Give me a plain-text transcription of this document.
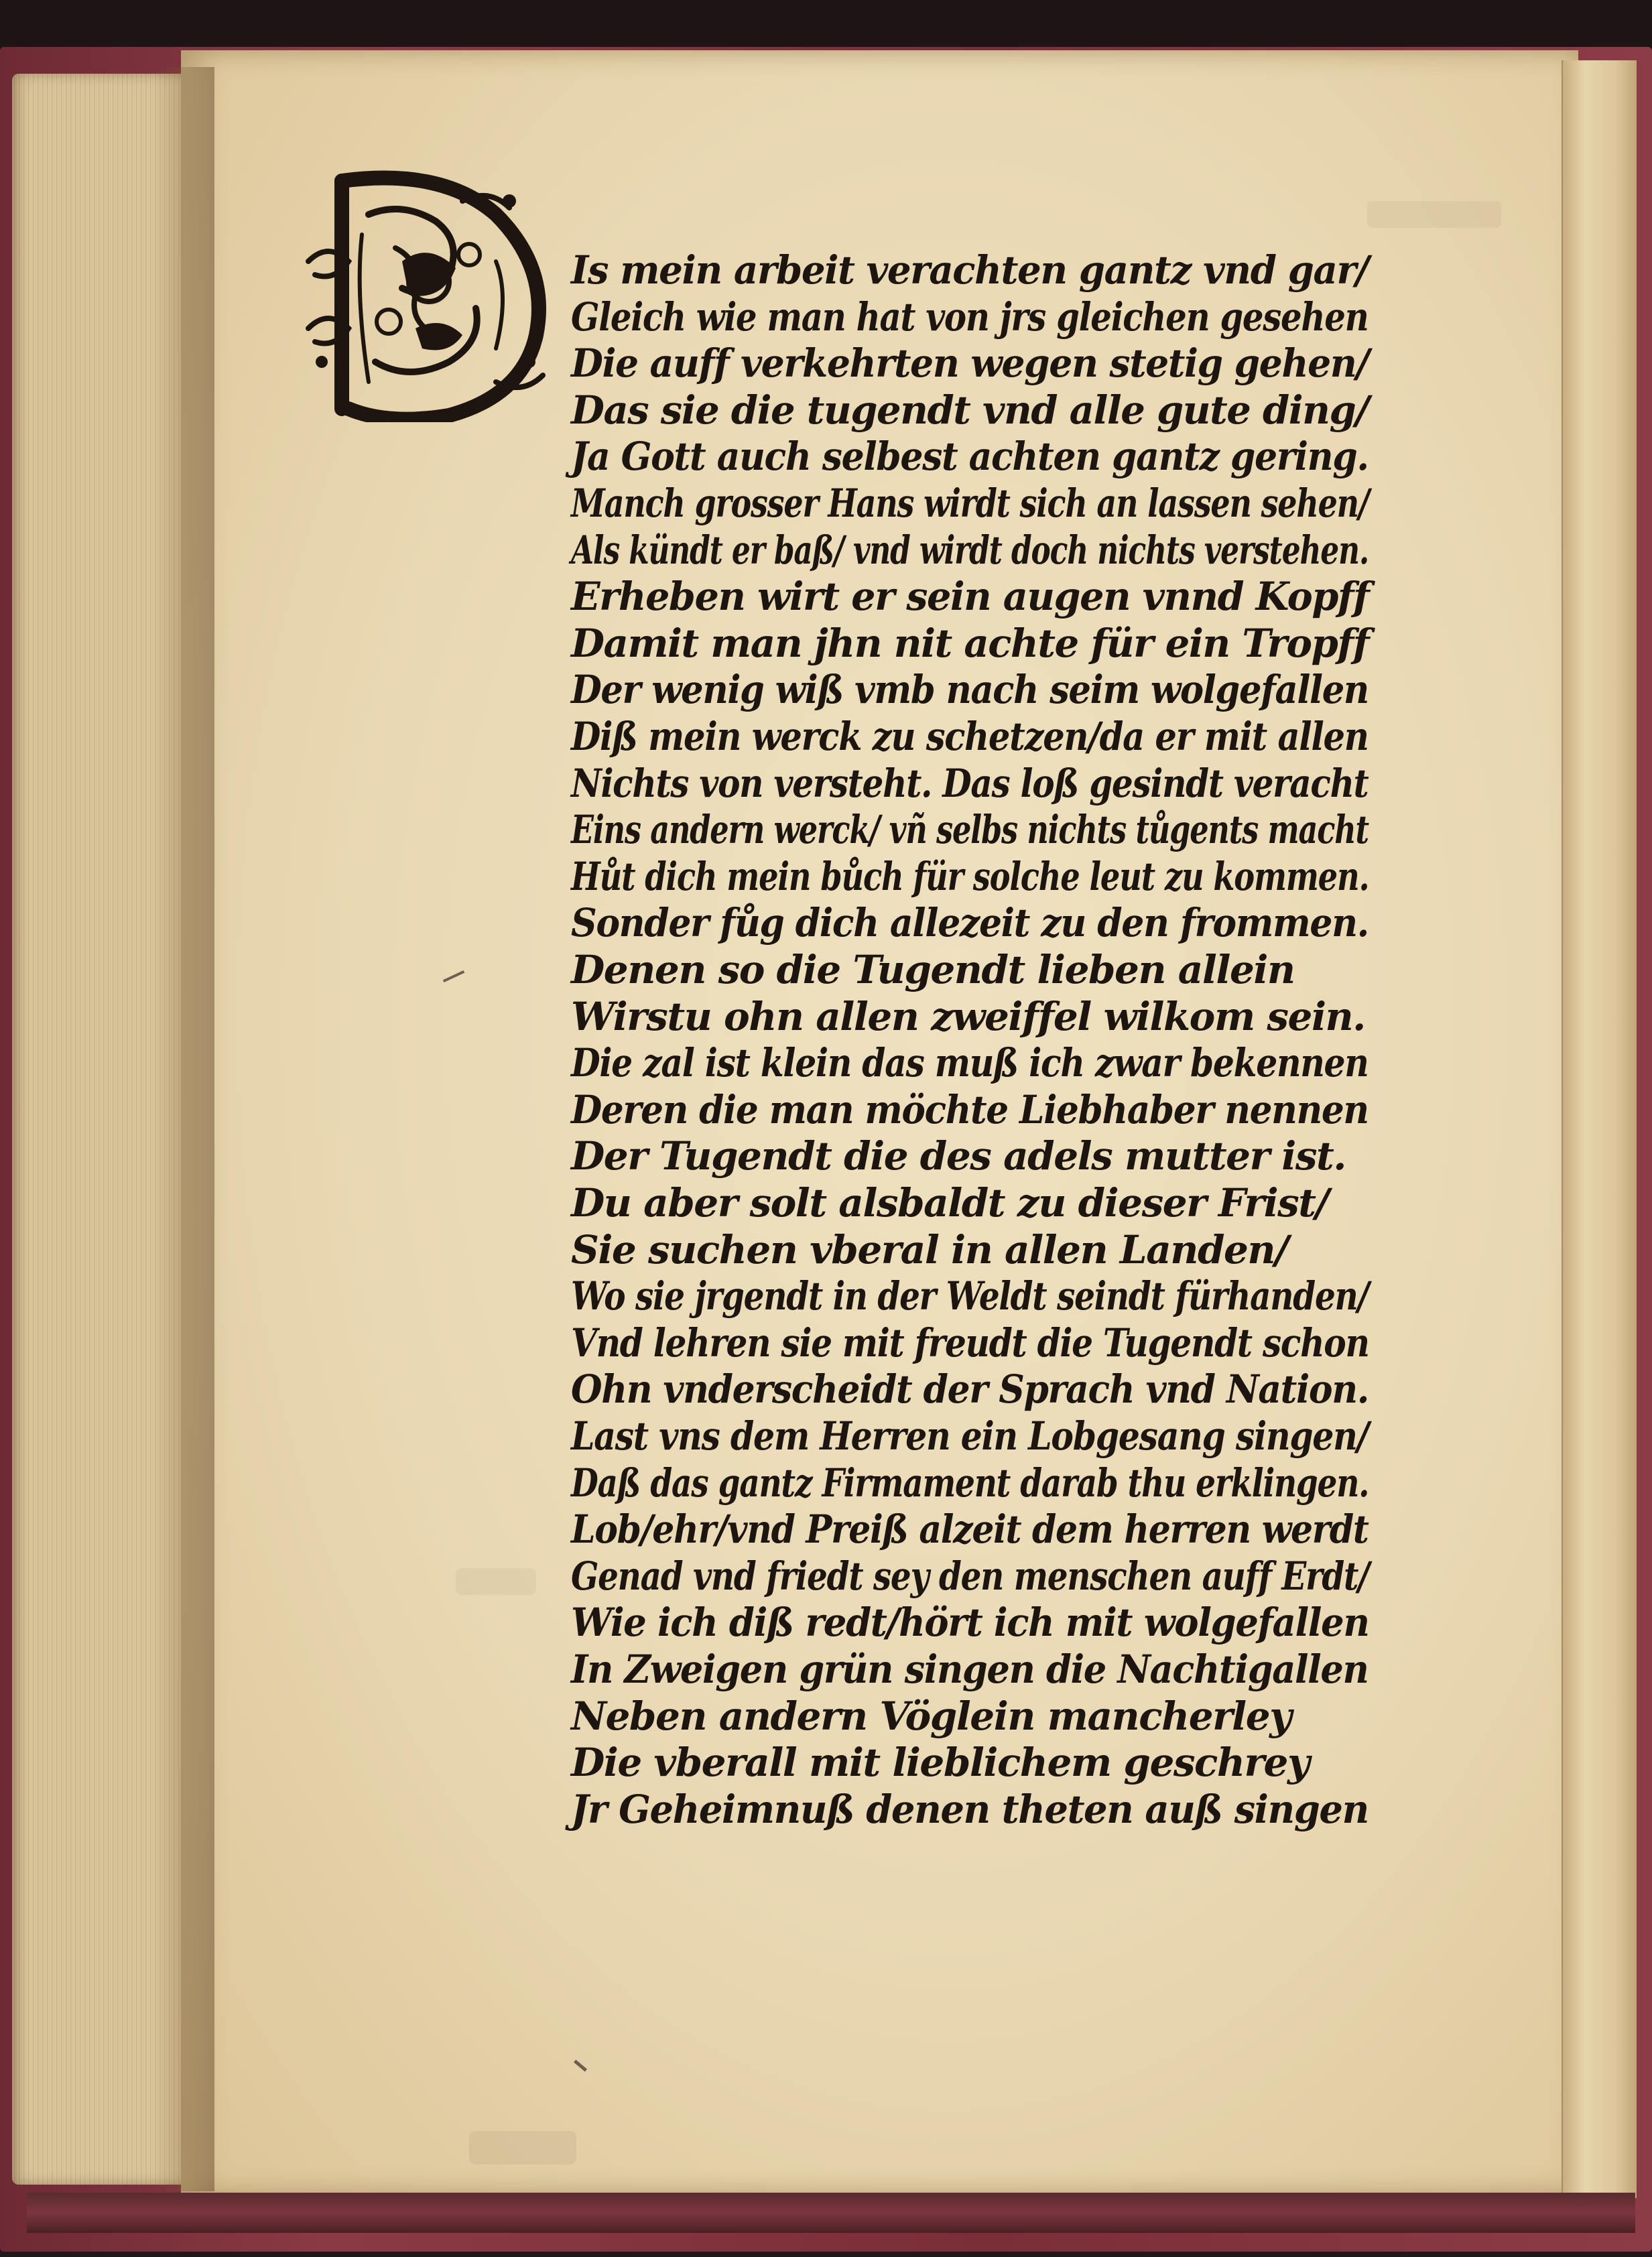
Is mein arbeit verachten gantz vnd gar/
Gleich wie man hat von jrs gleichen gesehen
Die auff verkehrten wegen stetig gehen/
Das sie die tugendt vnd alle gute ding/
Ja Gott auch selbest achten gantz gering.
Manch grosser Hans wirdt sich an lassen sehen/
Als kündt er baß/ vnd wirdt doch nichts verstehen.
Erheben wirt er sein augen vnnd Kopff
Damit man jhn nit achte für ein Tropff
Der wenig wiß vmb nach seim wolgefallen
Diß mein werck zu schetzen/da er mit allen
Nichts von versteht. Das loß gesindt veracht
Eins andern werck/ vñ selbs nichts tůgents macht
Hůt dich mein bůch für solche leut zu kommen.
Sonder fůg dich allezeit zu den frommen.
Denen so die Tugendt lieben allein
Wirstu ohn allen zweiffel wilkom sein.
Die zal ist klein das muß ich zwar bekennen
Deren die man möchte Liebhaber nennen
Der Tugendt die des adels mutter ist.
Du aber solt alsbaldt zu dieser Frist/
Sie suchen vberal in allen Landen/
Wo sie jrgendt in der Weldt seindt fürhanden/
Vnd lehren sie mit freudt die Tugendt schon
Ohn vnderscheidt der Sprach vnd Nation.
Last vns dem Herren ein Lobgesang singen/
Daß das gantz Firmament darab thu erklingen.
Lob/ehr/vnd Preiß alzeit dem herren werdt
Genad vnd friedt sey den menschen auff Erdt/
Wie ich diß redt/hört ich mit wolgefallen
In Zweigen grün singen die Nachtigallen
Neben andern Vöglein mancherley
Die vberall mit lieblichem geschrey
Jr Geheimnuß denen theten auß singen
